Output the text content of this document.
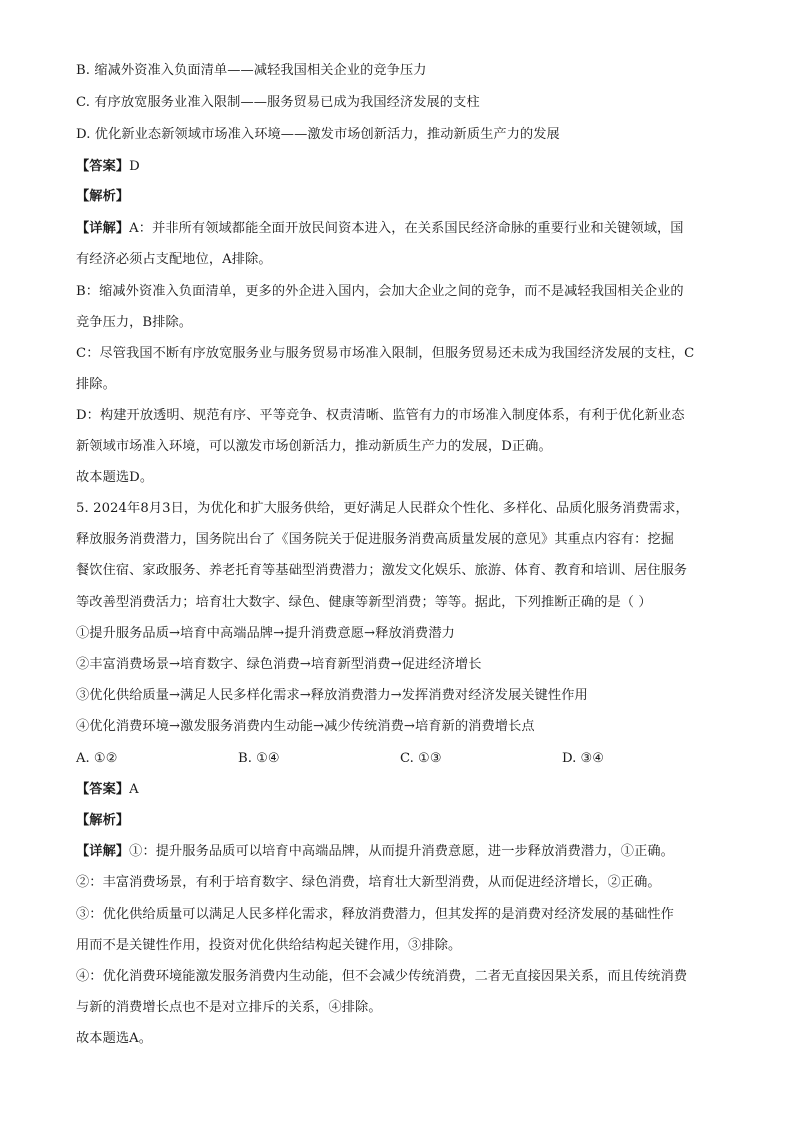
B. 缩减外资准入负面清单——减轻我国相关企业的竞争压力
C. 有序放宽服务业准入限制——服务贸易已成为我国经济发展的支柱
D. 优化新业态新领域市场准入环境——激发市场创新活力，推动新质生产力的发展
【答案】D
【解析】
【详解】A：并非所有领域都能全面开放民间资本进入，在关系国民经济命脉的重要行业和关键领域，国
有经济必须占支配地位，A排除。
B：缩减外资准入负面清单，更多的外企进入国内，会加大企业之间的竞争，而不是减轻我国相关企业的
竞争压力，B排除。
C：尽管我国不断有序放宽服务业与服务贸易市场准入限制，但服务贸易还未成为我国经济发展的支柱，C
排除。
D：构建开放透明、规范有序、平等竞争、权责清晰、监管有力的市场准入制度体系，有利于优化新业态
新领域市场准入环境，可以激发市场创新活力，推动新质生产力的发展，D正确。
故本题选D。
5. 2024年8月3日，为优化和扩大服务供给，更好满足人民群众个性化、多样化、品质化服务消费需求，
释放服务消费潜力，国务院出台了《国务院关于促进服务消费高质量发展的意见》其重点内容有：挖掘
餐饮住宿、家政服务、养老托育等基础型消费潜力；激发文化娱乐、旅游、体育、教育和培训、居住服务
等改善型消费活力；培育壮大数字、绿色、健康等新型消费；等等。据此，下列推断正确的是（ ）
①提升服务品质→培育中高端品牌→提升消费意愿→释放消费潜力
②丰富消费场景→培育数字、绿色消费→培育新型消费→促进经济增长
③优化供给质量→满足人民多样化需求→释放消费潜力→发挥消费对经济发展关键性作用
④优化消费环境→激发服务消费内生动能→减少传统消费→培育新的消费增长点
A. ①②	B. ①④	C. ①③	D. ③④
【答案】A
【解析】
【详解】①：提升服务品质可以培育中高端品牌，从而提升消费意愿，进一步释放消费潜力，①正确。
②：丰富消费场景，有利于培育数字、绿色消费，培育壮大新型消费，从而促进经济增长，②正确。
③：优化供给质量可以满足人民多样化需求，释放消费潜力，但其发挥的是消费对经济发展的基础性作
用而不是关键性作用，投资对优化供给结构起关键作用，③排除。
④：优化消费环境能激发服务消费内生动能，但不会减少传统消费，二者无直接因果关系，而且传统消费
与新的消费增长点也不是对立排斥的关系，④排除。
故本题选A。
